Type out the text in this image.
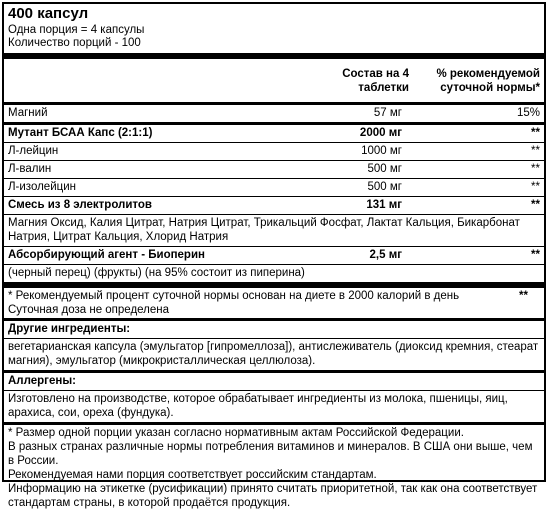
400 капсул
Одна порция = 4 капсулы
Количество порций - 100
Состав на 4 таблетки
% рекомендуемой суточной нормы*
Магний	57 мг	15%
Мутант БСАА Капс (2:1:1)	2000 мг	**
Л-лейцин	1000 мг	**
Л-валин	500 мг	**
Л-изолейцин	500 мг	**
Смесь из 8 электролитов	131 мг	**
Магния Оксид, Калия Цитрат, Натрия Цитрат, Трикальций Фосфат, Лактат Кальция, Бикарбонат Натрия, Цитрат Кальция, Хлорид Натрия
Абсорбирующий агент - Биоперин	2,5 мг	**
(черный перец) (фрукты) (на 95% состоит из пиперина)
* Рекомендуемый процент суточной нормы основан на диете в 2000 калорий в день
Суточная доза не определена
**
Другие ингредиенты:
вегетарианская капсула (эмульгатор [гипромеллоза]), антислеживатель (диоксид кремния, стеарат магния), эмульгатор (микрокристаллическая целлюлоза).
Аллергены:
Изготовлено на производстве, которое обрабатывает ингредиенты из молока, пшеницы, яиц, арахиса, сои, ореха (фундука).
* Размер одной порции указан согласно нормативным актам Российской Федерации.
В разных странах различные нормы потребления витаминов и минералов. В США они выше, чем в России.
Рекомендуемая нами порция соответствует российским стандартам.
Информацию на этикетке (русификации) принято считать приоритетной, так как она соответствует стандартам страны, в которой продаётся продукция.
